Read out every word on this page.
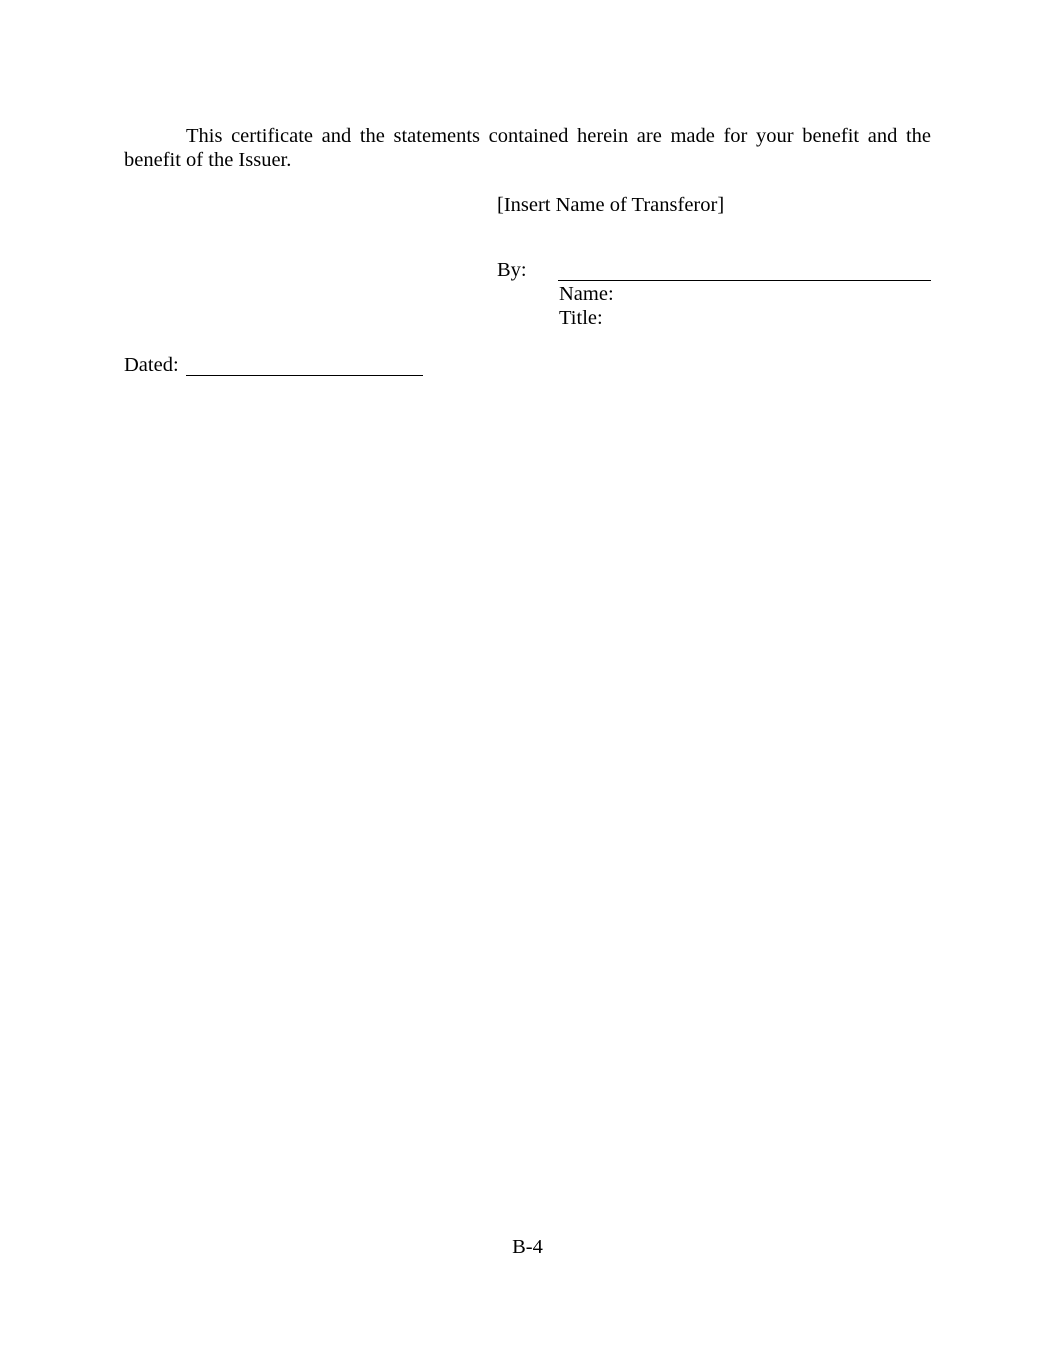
This certificate and the statements contained herein are made for your benefit and the benefit of the Issuer.

[Insert Name of Transferor]
By:
Name:
Title:
Dated:
B-4
